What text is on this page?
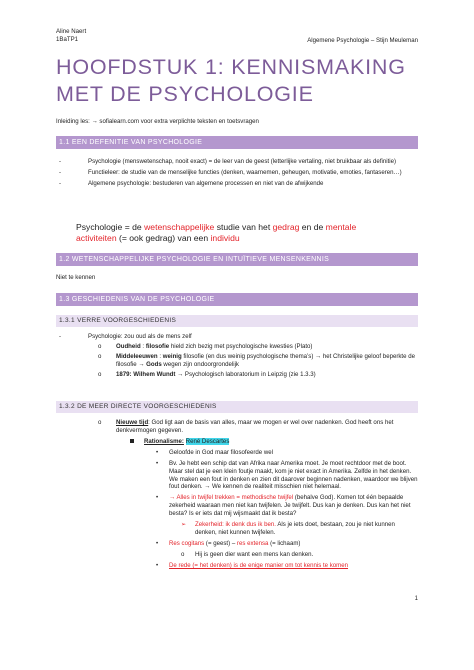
Aline Naert
1BaTP1	Algemene Psychologie – Stijn Meuleman
HOOFDSTUK 1: KENNISMAKING MET DE PSYCHOLOGIE
Inleiding les: → sofialearn.com voor extra verplichte teksten en toetsvragen
1.1 EEN DEFENITIE VAN PSYCHOLOGIE
- Psychologie (menswetenschap, nooit exact) = de leer van de geest (letterlijke vertaling, niet bruikbaar als definitie)
- Functieleer: de studie van de menselijke functies (denken, waarnemen, geheugen, motivatie, emoties, fantaseren…)
- Algemene psychologie: bestuderen van algemene processen en niet van de afwijkende
Psychologie = de wetenschappelijke studie van het gedrag en de mentale activiteiten (= ook gedrag) van een individu
1.2 WETENSCHAPPELIJKE PSYCHOLOGIE EN INTUÏTIEVE MENSENKENNIS
Niet te kennen
1.3 GESCHIEDENIS VAN DE PSYCHOLOGIE
1.3.1 VERRE VOORGESCHIEDENIS
-	Psychologie: zou oud als de mens zelf
o Oudheid : filosofie hield zich bezig met psychologische kwesties (Plato)
o Middeleeuwen : weinig filosofie (en dus weinig psychologische thema’s) → het Christelijke geloof beperkte de filosofie → Gods wegen zijn ondoorgrondelijk
o 1879: Wilhem Wundt → Psychologisch laboratorium in Leipzig (zie 1.3.3)
1.3.2 DE MEER DIRECTE VOORGESCHIEDENIS
o Nieuwe tijd: God ligt aan de basis van alles, maar we mogen er wel over nadenken. God heeft ons het denkvermogen gegeven.
Rationalisme: René Descartes
• Geloofde in God maar filosofeerde wel
• Bv. Je hebt een schip dat van Afrika naar Amerika moet. Je moet rechtdoor met de boot. Maar stel dat je een klein foutje maakt, kom je niet exact in Amerika. Zelfde in het denken. We maken een fout in denken en zien dit daarover beginnen nadenken, waardoor we blijven fout denken. → We kennen de realiteit misschien niet helemaal.
• → Alles in twijfel trekken = methodische twijfel (behalve God). Komen tot één bepaalde zekerheid waaraan men niet kan twijfelen. Je twijfelt. Dus kan je denken. Dus kan het niet besta? Is er iets dat mij wijsmaakt dat ik besta?
➢ Zekerheid: ik denk dus ik ben. Als je iets doet, bestaan, zou je niet kunnen denken, niet kunnen twijfelen.
• Res cogitans (= geest) – res extensa (= lichaam)
o Hij is geen dier want een mens kan denken.
• De rede (= het denken) is de enige manier om tot kennis te komen
1
